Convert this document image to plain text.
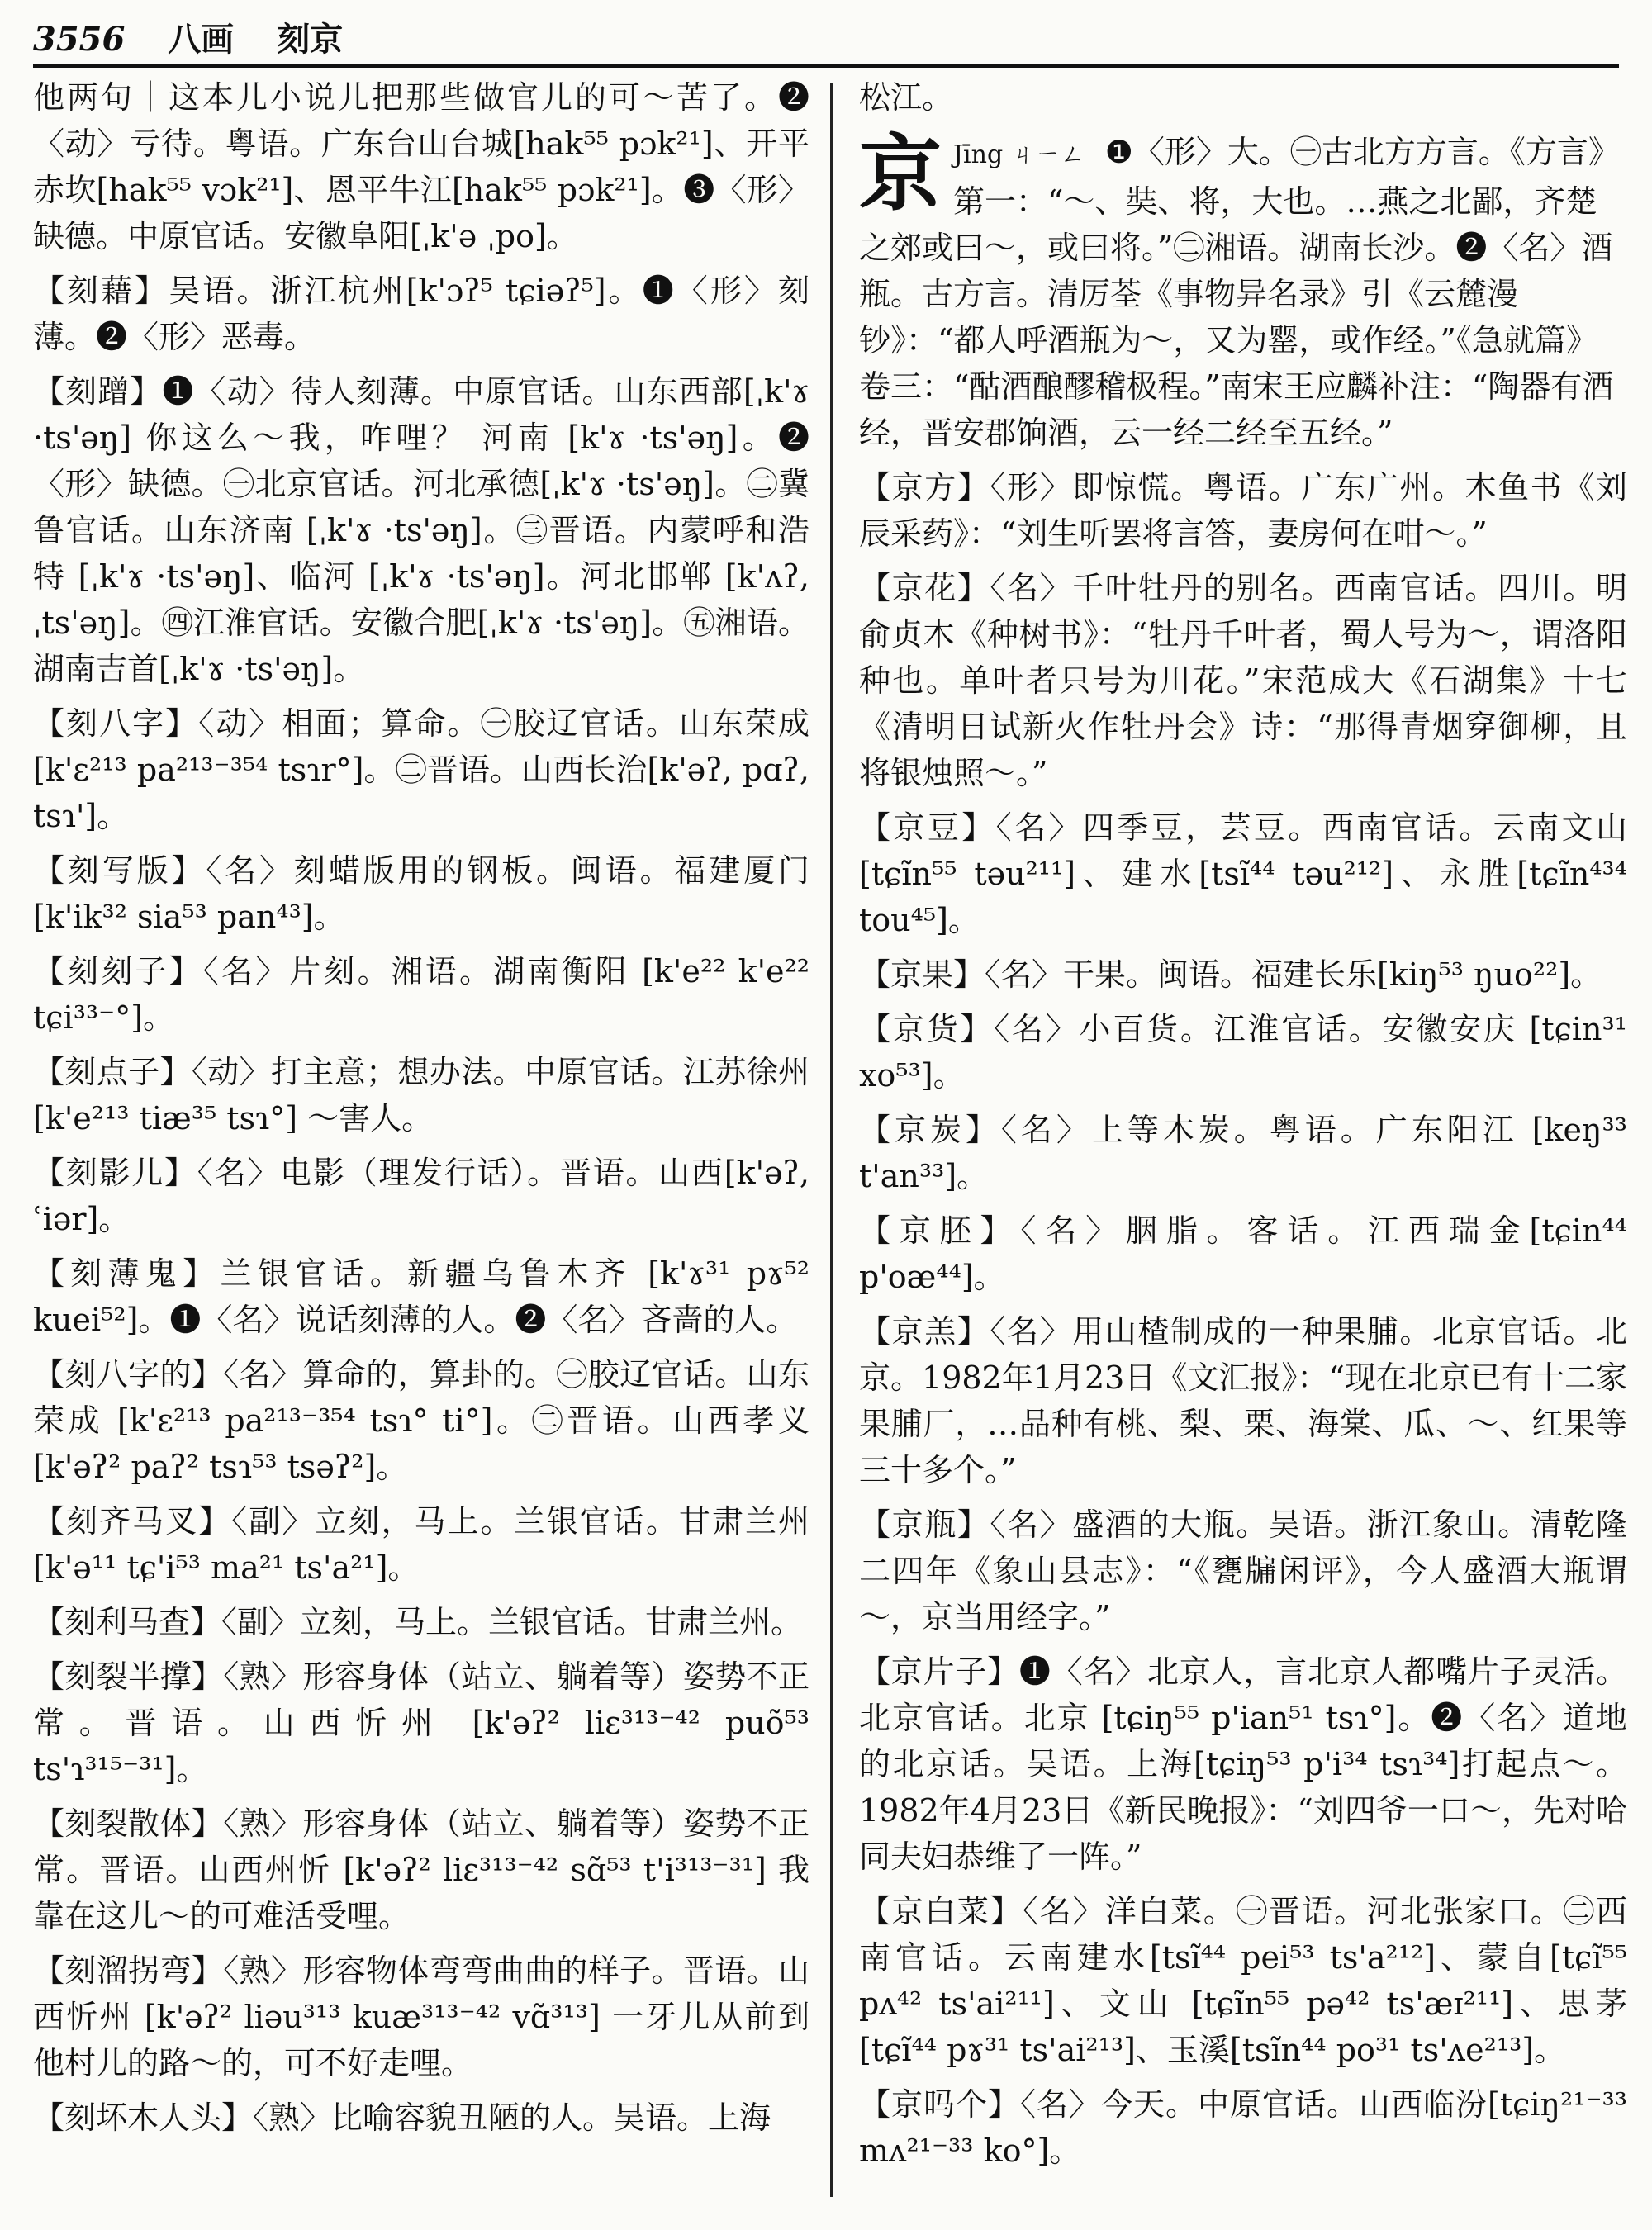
3556 八画 刻京

他两句｜这本儿小说儿把那些做官儿的可～苦了。❷〈动〉亏待。粤语。广东台山台城[hak⁵⁵ pɔk²¹]、开平赤坎[hak⁵⁵ vɔk²¹]、恩平牛江[hak⁵⁵ pɔk²¹]。❸〈形〉缺德。中原官话。安徽阜阳[ˌk'ə ˌpo]。

【刻藉】吴语。浙江杭州[k'ɔʔ⁵ tɕiəʔ⁵]。❶〈形〉刻薄。❷〈形〉恶毒。

【刻蹭】❶〈动〉待人刻薄。中原官话。山东西部[ˌk'ɤ ·ts'əŋ] 你这么～我，咋哩？ 河南 [k'ɤ ·ts'əŋ]。❷〈形〉缺德。㊀北京官话。河北承德[ˌk'ɤ ·ts'əŋ]。㊁冀鲁官话。山东济南 [ˌk'ɤ ·ts'əŋ]。㊂晋语。内蒙呼和浩特 [ˌk'ɤ ·ts'əŋ]、临河 [ˌk'ɤ ·ts'əŋ]。河北邯郸 [k'ʌʔ, ˌts'əŋ]。㊃江淮官话。安徽合肥[ˌk'ɤ ·ts'əŋ]。㊄湘语。湖南吉首[ˌk'ɤ ·ts'əŋ]。

【刻八字】〈动〉相面；算命。㊀胶辽官话。山东荣成[k'ɛ²¹³ pa²¹³⁻³⁵⁴ tsɿr°]。㊁晋语。山西长治[k'əʔ, pɑʔ, tsɿ']。

【刻写版】〈名〉刻蜡版用的钢板。闽语。福建厦门[k'ik³² sia⁵³ pan⁴³]。

【刻刻子】〈名〉片刻。湘语。湖南衡阳 [k'e²² k'e²² tɕi³³⁻°]。

【刻点子】〈动〉打主意；想办法。中原官话。江苏徐州 [k'e²¹³ tiæ³⁵ tsɿ°] ～害人。

【刻影儿】〈名〉电影（理发行话）。晋语。山西[k'əʔ, ʿiər]。

【刻薄鬼】兰银官话。新疆乌鲁木齐 [k'ɤ³¹ pɤ⁵² kuei⁵²]。❶〈名〉说话刻薄的人。❷〈名〉吝啬的人。

【刻八字的】〈名〉算命的，算卦的。㊀胶辽官话。山东荣成 [k'ɛ²¹³ pa²¹³⁻³⁵⁴ tsɿ° ti°]。㊁晋语。山西孝义 [k'əʔ² paʔ² tsɿ⁵³ tsəʔ²]。

【刻齐马叉】〈副〉立刻，马上。兰银官话。甘肃兰州[k'ə¹¹ tɕ'i⁵³ ma²¹ ts'a²¹]。

【刻利马查】〈副〉立刻，马上。兰银官话。甘肃兰州。

【刻裂半撑】〈熟〉形容身体（站立、躺着等）姿势不正常。晋语。山西忻州 [k'əʔ² liɛ³¹³⁻⁴² puõ⁵³ ts'ɿ³¹⁵⁻³¹]。

【刻裂散体】〈熟〉形容身体（站立、躺着等）姿势不正常。晋语。山西州忻 [k'əʔ² liɛ³¹³⁻⁴² sɑ̃⁵³ t'i³¹³⁻³¹] 我靠在这儿～的可难活受哩。

【刻溜拐弯】〈熟〉形容物体弯弯曲曲的样子。晋语。山西忻州 [k'əʔ² liəu³¹³ kuæ³¹³⁻⁴² vɑ̃³¹³] 一牙儿从前到他村儿的路～的，可不好走哩。

【刻坏木人头】〈熟〉比喻容貌丑陋的人。吴语。上海

松江。

京 Jīng ㄐㄧㄥ ❶〈形〉大。㊀古北方方言。《方言》第一：“～、奘、将，大也。…燕之北鄙，齐楚之郊或曰～，或曰将。”㊁湘语。湖南长沙。❷〈名〉酒瓶。古方言。清厉荃《事物异名录》引《云麓漫钞》：“都人呼酒瓶为～，又为罂，或作经。”《急就篇》卷三：“酤酒酿醪稽极程。”南宋王应麟补注：“陶器有酒经，晋安郡饷酒，云一经二经至五经。”

【京方】〈形〉即惊慌。粤语。广东广州。木鱼书《刘辰采药》：“刘生听罢将言答，妻房何在咁～。”

【京花】〈名〉千叶牡丹的别名。西南官话。四川。明俞贞木《种树书》：“牡丹千叶者，蜀人号为～，谓洛阳种也。单叶者只号为川花。”宋范成大《石湖集》十七《清明日试新火作牡丹会》诗：“那得青烟穿御柳，且将银烛照～。”

【京豆】〈名〉四季豆，芸豆。西南官话。云南文山[tɕĩn⁵⁵ təu²¹¹]、建水[tsĩ⁴⁴ təu²¹²]、永胜[tɕĩn⁴³⁴ tou⁴⁵]。

【京果】〈名〉干果。闽语。福建长乐[kiŋ⁵³ ŋuo²²]。

【京货】〈名〉小百货。江淮官话。安徽安庆 [tɕin³¹ xo⁵³]。

【京炭】〈名〉上等木炭。粤语。广东阳江 [keŋ³³ t'an³³]。

【京胚】〈名〉胭脂。客话。江西瑞金[tɕin⁴⁴ p'oæ⁴⁴]。

【京羔】〈名〉用山楂制成的一种果脯。北京官话。北京。1982年1月23日《文汇报》：“现在北京已有十二家果脯厂，…品种有桃、梨、栗、海棠、瓜、～、红果等三十多个。”

【京瓶】〈名〉盛酒的大瓶。吴语。浙江象山。清乾隆二四年《象山县志》：“《甕牖闲评》，今人盛酒大瓶谓～，京当用经字。”

【京片子】❶〈名〉北京人，言北京人都嘴片子灵活。北京官话。北京 [tɕiŋ⁵⁵ p'ian⁵¹ tsɿ°]。❷〈名〉道地的北京话。吴语。上海[tɕiŋ⁵³ p'i³⁴ tsɿ³⁴]打起点～。1982年4月23日《新民晚报》：“刘四爷一口～，先对哈同夫妇恭维了一阵。”

【京白菜】〈名〉洋白菜。㊀晋语。河北张家口。㊁西南官话。云南建水[tsĩ⁴⁴ pei⁵³ ts'a²¹²]、蒙自[tɕĩ⁵⁵ pʌ⁴² ts'ai²¹¹]、文山 [tɕĩn⁵⁵ pə⁴² ts'æɪ²¹¹]、思茅[tɕĩ⁴⁴ pɤ³¹ ts'ai²¹³]、玉溪[tsĩn⁴⁴ po³¹ ts'ʌe²¹³]。

【京吗个】〈名〉今天。中原官话。山西临汾[tɕiŋ²¹⁻³³ mʌ²¹⁻³³ ko°]。
